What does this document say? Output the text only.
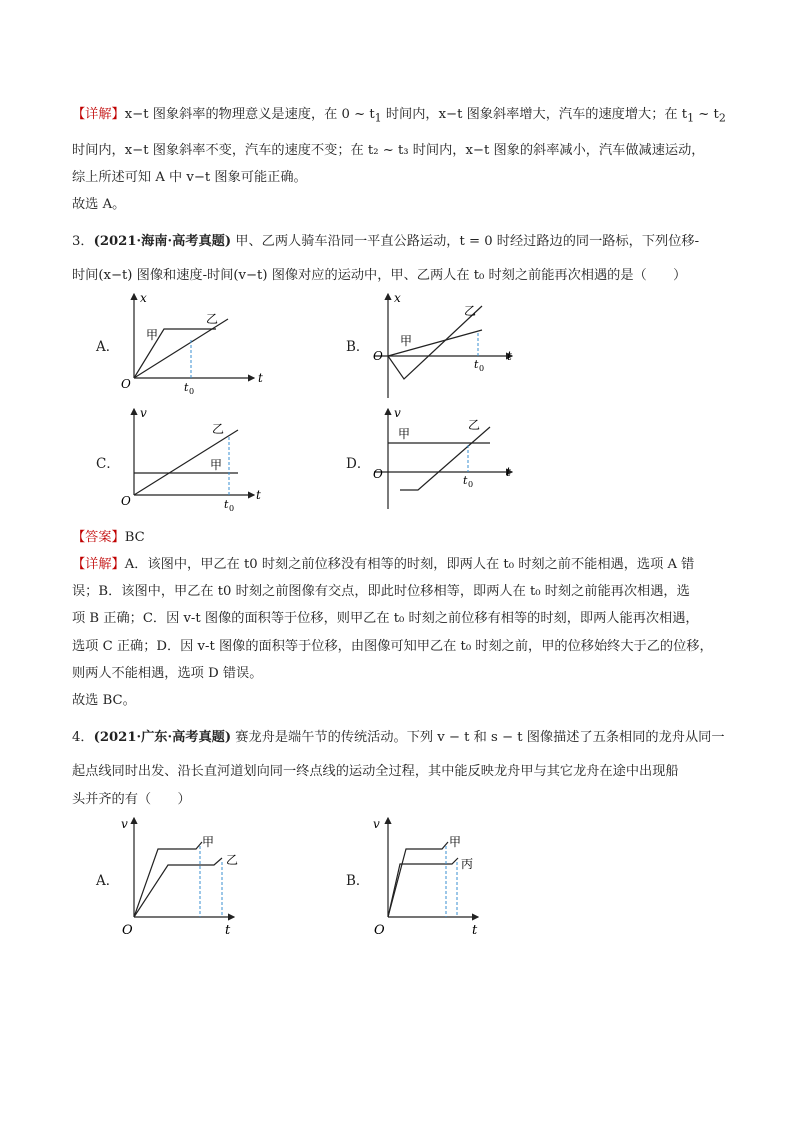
【详解】x−t 图象斜率的物理意义是速度，在 0 ~ $t_1$ 时间内，x−t 图象斜率增大，汽车的速度增大；在 $t_1$ ~ $t_2$
时间内，x−t 图象斜率不变，汽车的速度不变；在 t₂ ~ t₃ 时间内，x−t 图象的斜率减小，汽车做减速运动，
综上所述可知 A 中 v−t 图象可能正确。
故选 A。
3．(2021·海南·高考真题) 甲、乙两人骑车沿同一平直公路运动，t = 0 时经过路边的同一路标，下列位移-
时间(x−t) 图像和速度-时间(v−t) 图像对应的运动中，甲、乙两人在 t₀ 时刻之前能再次相遇的是（　　）
A．	B．
C．	D．
x
O	t
t 0
甲
乙
x
O	t
t 0
甲
乙
v
O	t
t 0
甲
乙
v
O	t
t 0
甲
乙
【答案】BC
【详解】A．该图中，甲乙在 t0 时刻之前位移没有相等的时刻，即两人在 t₀ 时刻之前不能相遇，选项 A 错
误；B．该图中，甲乙在 t0 时刻之前图像有交点，即此时位移相等，即两人在 t₀ 时刻之前能再次相遇，选
项 B 正确；C．因 v-t 图像的面积等于位移，则甲乙在 t₀ 时刻之前位移有相等的时刻，即两人能再次相遇，
选项 C 正确；D．因 v-t 图像的面积等于位移，由图像可知甲乙在 t₀ 时刻之前，甲的位移始终大于乙的位移，
则两人不能相遇，选项 D 错误。
故选 BC。
4．(2021·广东·高考真题) 赛龙舟是端午节的传统活动。下列 v − t 和 s − t 图像描述了五条相同的龙舟从同一
起点线同时出发、沿长直河道划向同一终点线的运动全过程，其中能反映龙舟甲与其它龙舟在途中出现船
头并齐的有（　　）
A．	B．
v
O	t
甲
乙
v
O	t
甲
丙
